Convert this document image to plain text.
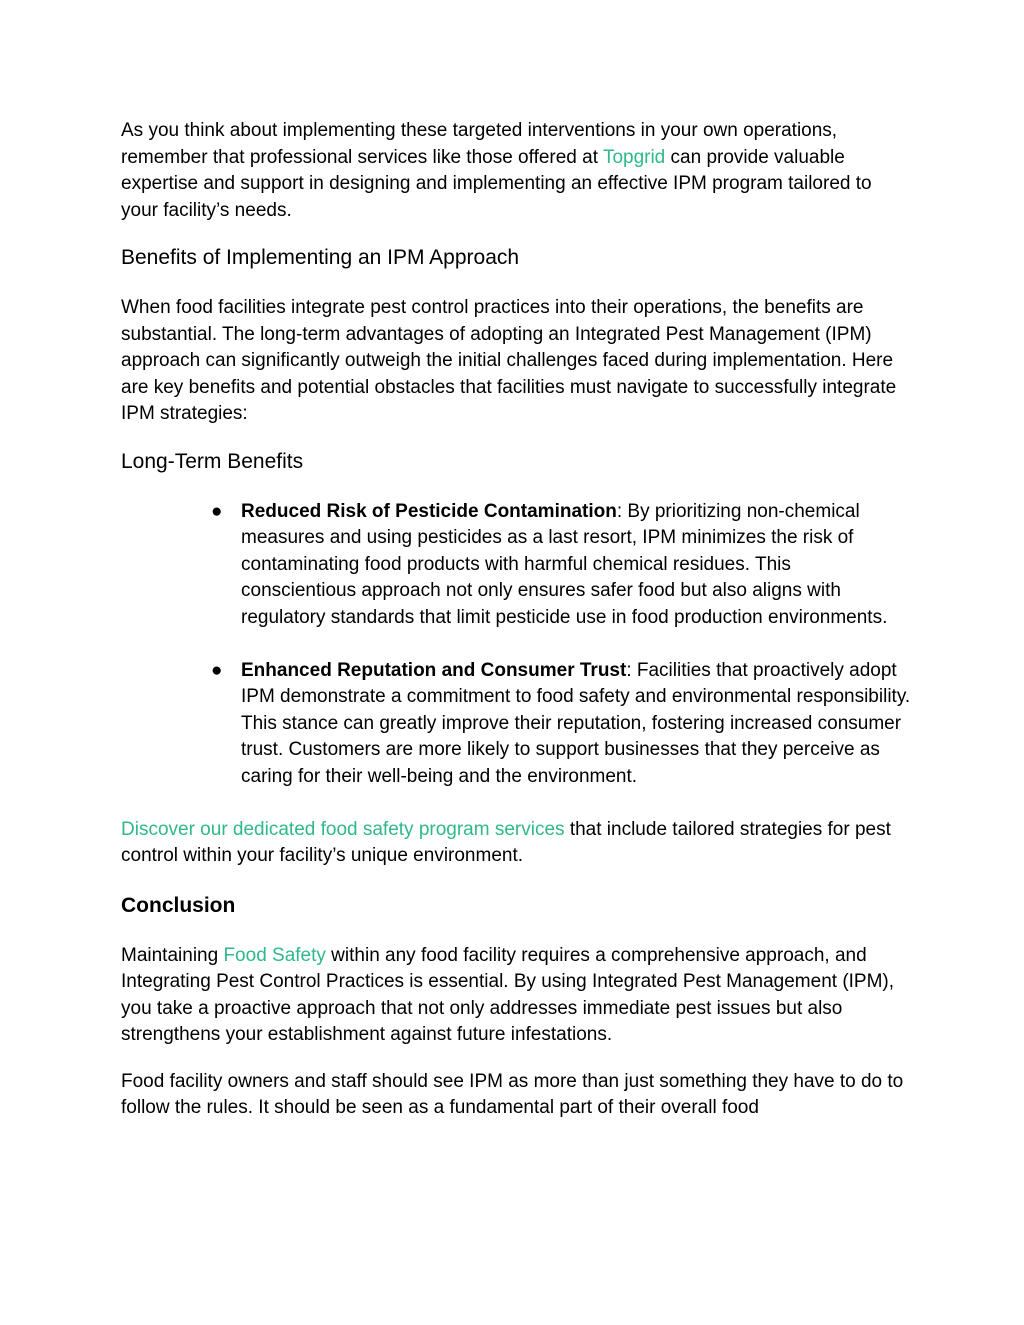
As you think about implementing these targeted interventions in your own operations, remember that professional services like those offered at Topgrid can provide valuable expertise and support in designing and implementing an effective IPM program tailored to your facility’s needs.

Benefits of Implementing an IPM Approach

When food facilities integrate pest control practices into their operations, the benefits are substantial. The long-term advantages of adopting an Integrated Pest Management (IPM) approach can significantly outweigh the initial challenges faced during implementation. Here are key benefits and potential obstacles that facilities must navigate to successfully integrate IPM strategies:

Long-Term Benefits
● Reduced Risk of Pesticide Contamination: By prioritizing non-chemical measures and using pesticides as a last resort, IPM minimizes the risk of contaminating food products with harmful chemical residues. This conscientious approach not only ensures safer food but also aligns with regulatory standards that limit pesticide use in food production environments.
● Enhanced Reputation and Consumer Trust: Facilities that proactively adopt IPM demonstrate a commitment to food safety and environmental responsibility. This stance can greatly improve their reputation, fostering increased consumer trust. Customers are more likely to support businesses that they perceive as caring for their well-being and the environment.

Discover our dedicated food safety program services that include tailored strategies for pest control within your facility’s unique environment.

Conclusion

Maintaining Food Safety within any food facility requires a comprehensive approach, and Integrating Pest Control Practices is essential. By using Integrated Pest Management (IPM), you take a proactive approach that not only addresses immediate pest issues but also strengthens your establishment against future infestations.

Food facility owners and staff should see IPM as more than just something they have to do to follow the rules. It should be seen as a fundamental part of their overall food
